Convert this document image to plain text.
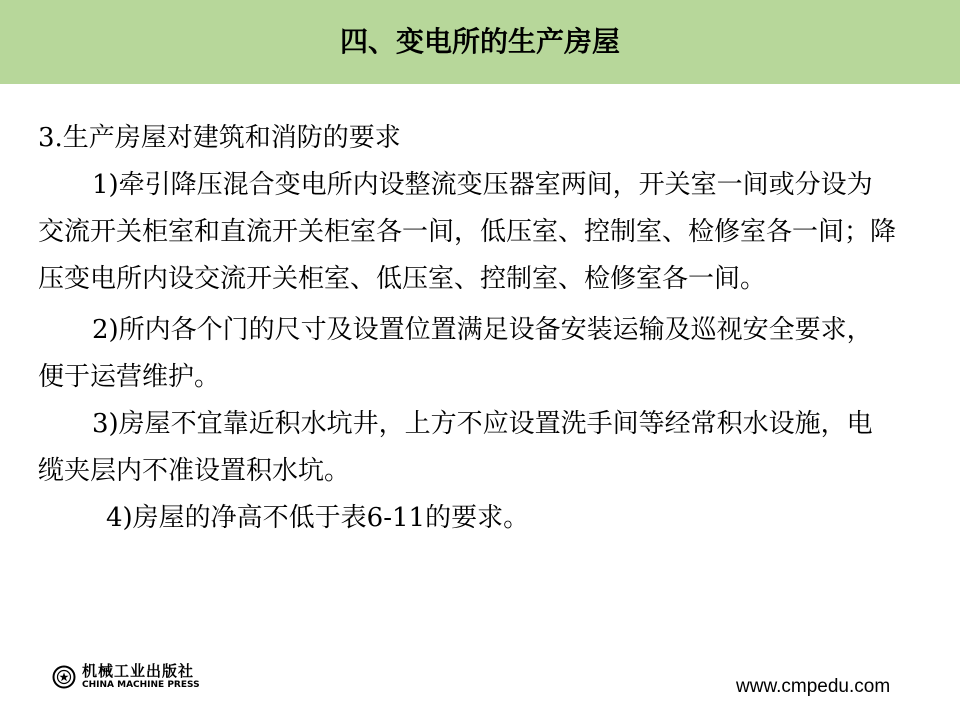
四、变电所的生产房屋

3.生产房屋对建筑和消防的要求

1)牵引降压混合变电所内设整流变压器室两间，开关室一间或分设为交流开关柜室和直流开关柜室各一间，低压室、控制室、检修室各一间；降压变电所内设交流开关柜室、低压室、控制室、检修室各一间。

2)所内各个门的尺寸及设置位置满足设备安装运输及巡视安全要求，便于运营维护。

3)房屋不宜靠近积水坑井，上方不应设置洗手间等经常积水设施，电缆夹层内不准设置积水坑。

4)房屋的净高不低于表6-11的要求。

机械工业出版社
CHINA MACHINE PRESS	www.cmpedu.com
